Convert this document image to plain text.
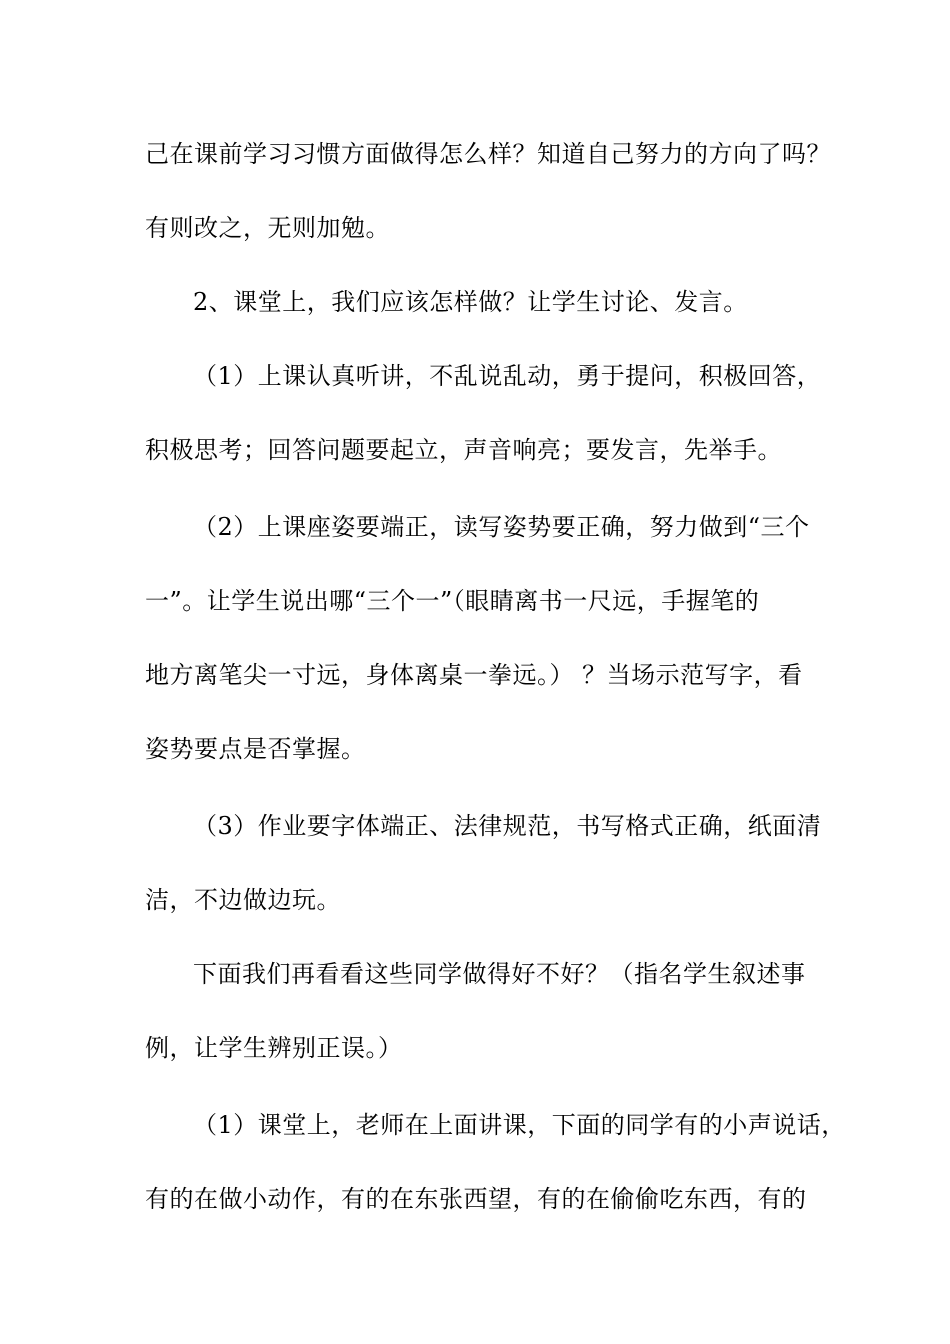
己在课前学习习惯方面做得怎么样？知道自己努力的方向了吗？
有则改之，无则加勉。
2、课堂上，我们应该怎样做？让学生讨论、发言。
（1）上课认真听讲，不乱说乱动，勇于提问，积极回答，
积极思考；回答问题要起立，声音响亮；要发言，先举手。
（2）上课座姿要端正，读写姿势要正确，努力做到“三个
一”。让学生说出哪“三个一”（眼睛离书一尺远，手握笔的
地方离笔尖一寸远，身体离桌一拳远。） ？当场示范写字，看
姿势要点是否掌握。
（3）作业要字体端正、法律规范，书写格式正确，纸面清
洁，不边做边玩。
下面我们再看看这些同学做得好不好？（指名学生叙述事
例，让学生辨别正误。）
（1）课堂上，老师在上面讲课，下面的同学有的小声说话，
有的在做小动作，有的在东张西望，有的在偷偷吃东西，有的
